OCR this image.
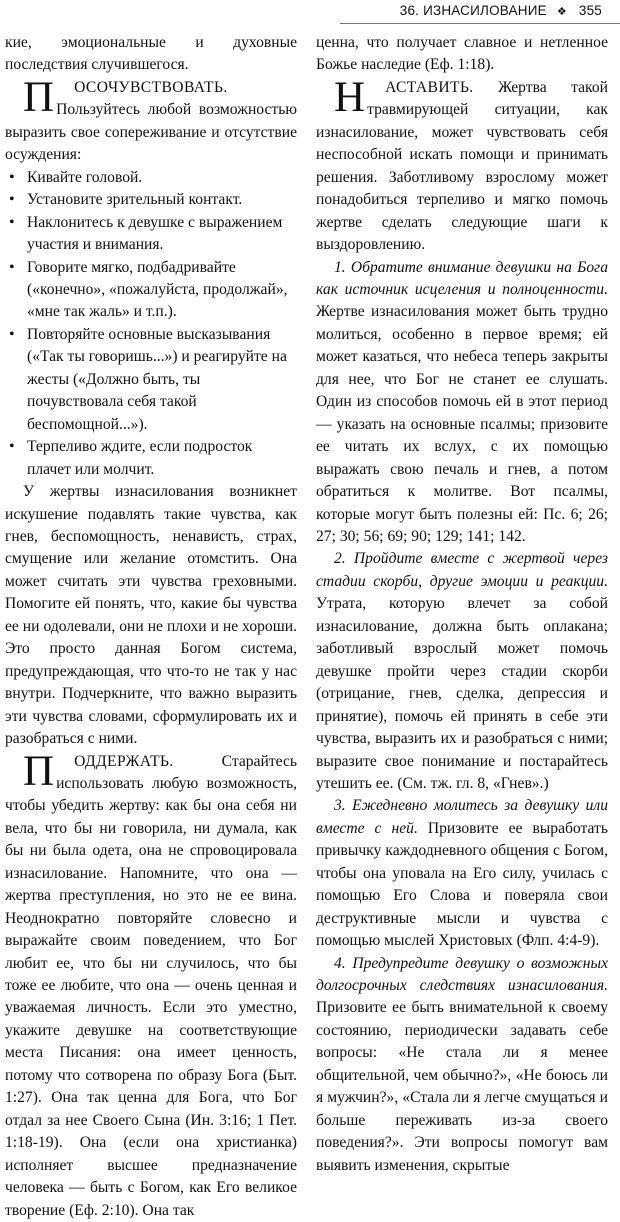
36. ИЗНАСИЛОВАНИЕ ❖ 355

кие, эмоциональные и духовные последствия случившегося.

П ОСОЧУВСТВОВАТЬ. Пользуйтесь любой возможностью выразить свое сопереживание и отсутствие осуждения:

• Кивайте головой.
• Установите зрительный контакт.
• Наклонитесь к девушке с выражением участия и внимания.
• Говорите мягко, подбадривайте («конечно», «пожалуйста, продолжай», «мне так жаль» и т.п.).
• Повторяйте основные высказывания («Так ты говоришь...») и реагируйте на жесты («Должно быть, ты почувствовала себя такой беспомощной...»).
• Терпеливо ждите, если подросток плачет или молчит.

У жертвы изнасилования возникнет искушение подавлять такие чувства, как гнев, беспомощность, ненависть, страх, смущение или желание отомстить. Она может считать эти чувства греховными. Помогите ей понять, что, какие бы чувства ее ни одолевали, они не плохи и не хороши. Это просто данная Богом система, предупреждающая, что что-то не так у нас внутри. Подчеркните, что важно выразить эти чувства словами, сформулировать их и разобраться с ними.

П ОДДЕРЖАТЬ.	Старайтесь использовать любую возможность, чтобы убедить жертву: как бы она себя ни вела, что бы ни говорила, ни думала, как бы ни была одета, она не спровоцировала изнасилование. Напомните, что она — жертва преступления, но это не ее вина. Неоднократно повторяйте словесно и выражайте своим поведением, что Бог любит ее, что бы ни случилось, что бы тоже ее любите, что она — очень ценная и уважаемая личность. Если это уместно, укажите девушке на соответствующие места Писания: она имеет ценность, потому что сотворена по образу Бога (Быт. 1:27). Она так ценна для Бога, что Бог отдал за нее Своего Сына (Ин. 3:16; 1 Пет. 1:18-19). Она (если она христианка) исполняет высшее предназначение человека — быть с Богом, как Его великое творение (Еф. 2:10). Она так

ценна, что получает славное и нетленное Божье наследие (Еф. 1:18).

Н АСТАВИТЬ. Жертва такой травмирующей ситуации, как изнасилование, может чувствовать себя неспособной искать помощи и принимать решения. Заботливому взрослому может понадобиться терпеливо и мягко помочь жертве сделать следующие шаги к выздоровлению.

1. Обратите внимание девушки на Бога как источник исцеления и полноценности. Жертве изнасилования может быть трудно молиться, особенно в первое время; ей может казаться, что небеса теперь закрыты для нее, что Бог не станет ее слушать. Один из способов помочь ей в этот период — указать на основные псалмы; призовите ее читать их вслух, с их помощью выражать свою печаль и гнев, а потом обратиться к молитве. Вот псалмы, которые могут быть полезны ей: Пс. 6; 26; 27; 30; 56; 69; 90; 129; 141; 142.

2. Пройдите вместе с жертвой через стадии скорби, другие эмоции и реакции. Утрата, которую влечет за собой изнасилование, должна быть оплакана; заботливый взрослый может помочь девушке пройти через стадии скорби (отрицание, гнев, сделка, депрессия и принятие), помочь ей принять в себе эти чувства, выразить их и разобраться с ними; выразите свое понимание и постарайтесь утешить ее. (См. тж. гл. 8, «Гнев».)

3. Ежедневно молитесь за девушку или вместе с ней. Призовите ее выработать привычку каждодневного общения с Богом, чтобы она уповала на Его силу, училась с помощью Его Слова и поверяла свои деструктивные мысли и чувства с помощью мыслей Христовых (Флп. 4:4-9).

4. Предупредите девушку о возможных долгосрочных следствиях изнасилования. Призовите ее быть внимательной к своему состоянию, периодически задавать себе вопросы: «Не стала ли я менее общительной, чем обычно?», «Не боюсь ли я мужчин?», «Стала ли я легче смущаться и больше переживать из-за своего поведения?». Эти вопросы помогут вам выявить изменения, скрытые
